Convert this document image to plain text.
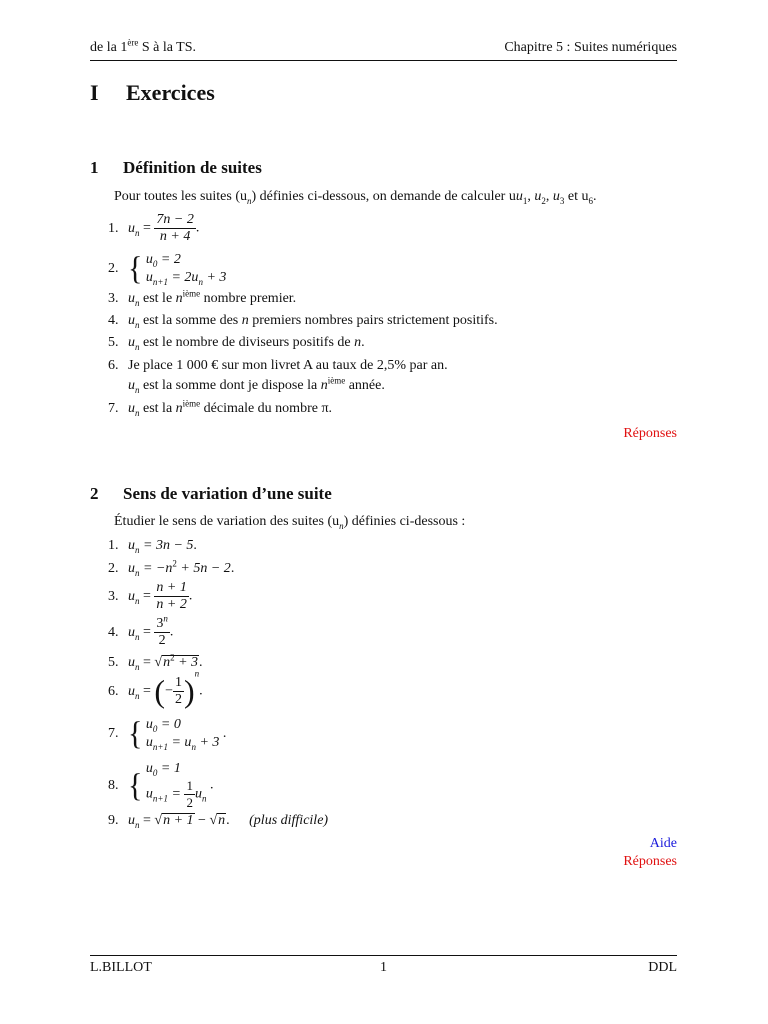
de la 1ère S à la TS.	Chapitre 5 : Suites numériques
I Exercices
1 Définition de suites
Pour toutes les suites $(u_n)$ définies ci-dessous, on demande de calculer $uu_1$, $u_2$, $u_3$ et $u_6$.
1. $u_n = \frac{7n - 2}{n + 4}$ .
2. { $u_0 = 2$
$u_{n+1} = 2u_n + 3$
3. $u_n$ est le $n^{ième}$ nombre premier.
4. $u_n$ est la somme des n premiers nombres pairs strictement positifs.
5. $u_n$ est le nombre de diviseurs positifs de n.
6. Je place 1 000 € sur mon livret A au taux de 2,5% par an.
$u_n$ est la somme dont je dispose la $n^{ième}$ année.
7. $u_n$ est la $n^{ième}$ décimale du nombre π.
Réponses
2 Sens de variation d’une suite
Étudier le sens de variation des suites $(u_n)$ définies ci-dessous :
1. $u_n = 3n - 5$.
2. $u_n = -n^2 + 5n - 2$.
3. $u_n = \frac{n + 1}{n + 2}$ .
4. $u_n = \frac{3^n}{2}$ .
5. $u_n = √n^2 + 3$.
6. $u_n$ = (− $\frac{1}{2} )^n$.
7. { $u_0 = 0$
$u_{n+1} = u_n + 3$
.
8. { $u_0 = 1$
$u_{n+1} = \frac{1}{2} u_n$
.
9. $u_n = √n + 1 - √n$. (plus difficile)
Aide
Réponses
L.BILLOT	1	DDL
